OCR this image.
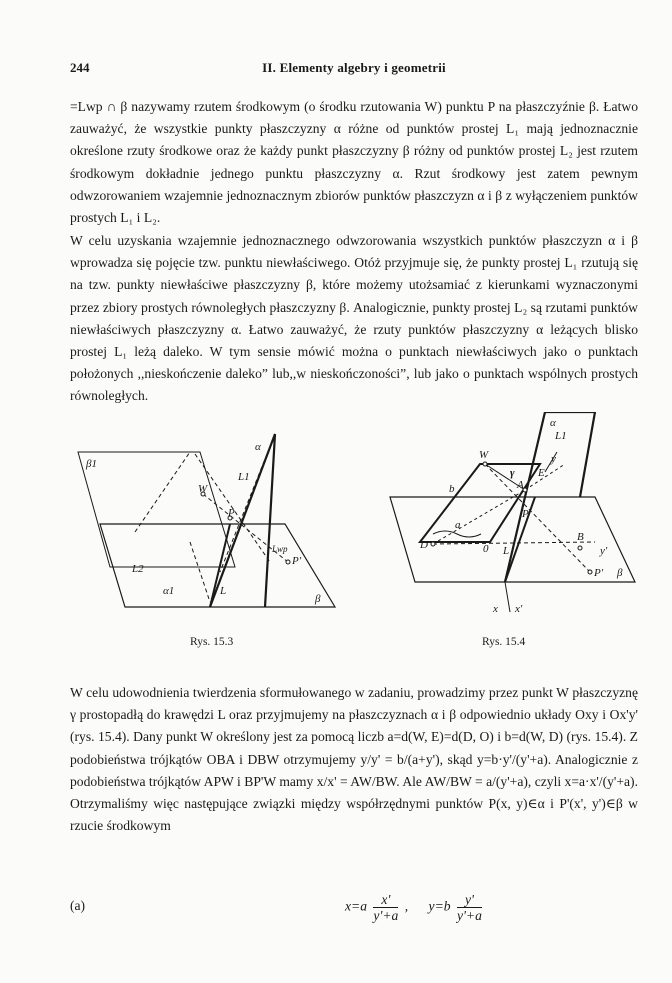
244	II. Elementy algebry i geometrii

=Lwp ∩ β nazywamy rzutem środkowym (o środku rzutowania W) punktu P na płaszczyźnie β. Łatwo zauważyć, że wszystkie punkty płaszczyzny α różne od punktów prostej L₁ mają jednoznacznie określone rzuty środkowe oraz że każdy punkt płaszczyzny β różny od punktów prostej L₂ jest rzutem środkowym dokładnie jednego punktu płaszczyzny α. Rzut środkowy jest zatem pewnym odwzorowaniem wzajemnie jednoznacznym zbiorów punktów płaszczyzn α i β z wyłączeniem punktów prostych L₁ i L₂.

W celu uzyskania wzajemnie jednoznacznego odwzorowania wszystkich punktów płaszczyzn α i β wprowadza się pojęcie tzw. punktu niewłaściwego. Otóż przyjmuje się, że punkty prostej L₁ rzutują się na tzw. punkty niewłaściwe płaszczyzny β, które możemy utożsamiać z kierunkami wyznaczonymi przez zbiory prostych równoległych płaszczyzny β. Analogicznie, punkty prostej L₂ są rzutami punktów niewłaściwych płaszczyzny α. Łatwo zauważyć, że rzuty punktów płaszczyzny α leżących blisko prostej L₁ leżą daleko. W tym sensie mówić można o punktach niewłaściwych jako o punktach położonych ,,nieskończenie daleko” lub,,w nieskończoności”, lub jako o punktach wspólnych prostych równoległych.

β1
α
W
L1
P
Lwp
P'
L2
α1	L
β
Rys. 15.3
α
L1
W
γ
y
b	A
E
P
a
D	0 L
B
y'
P' β
x x'
Rys. 15.4

W celu udowodnienia twierdzenia sformułowanego w zadaniu, prowadzimy przez punkt W płaszczyznę γ prostopadłą do krawędzi L oraz przyjmujemy na płaszczyznach α i β odpowiednio układy Oxy i Ox'y' (rys. 15.4). Dany punkt W określony jest za pomocą liczb a=d(W, E)=d(D, O) i b=d(W, D) (rys. 15.4). Z podobieństwa trójkątów OBA i DBW otrzymujemy y/y' = b/(a+y'), skąd y=b·y'/(y'+a). Analogicznie z podobieństwa trójkątów APW i BP'W mamy x/x' = AW/BW. Ale AW/BW = a/(y'+a), czyli x=a·x'/(y'+a). Otrzymaliśmy więc następujące związki między współrzędnymi punktów P(x, y)∈α i P'(x', y')∈β w rzucie środkowym

(a)	$x=a \frac{x'}{y'+a}$ , $y=b \frac{y'}{y'+a}$
